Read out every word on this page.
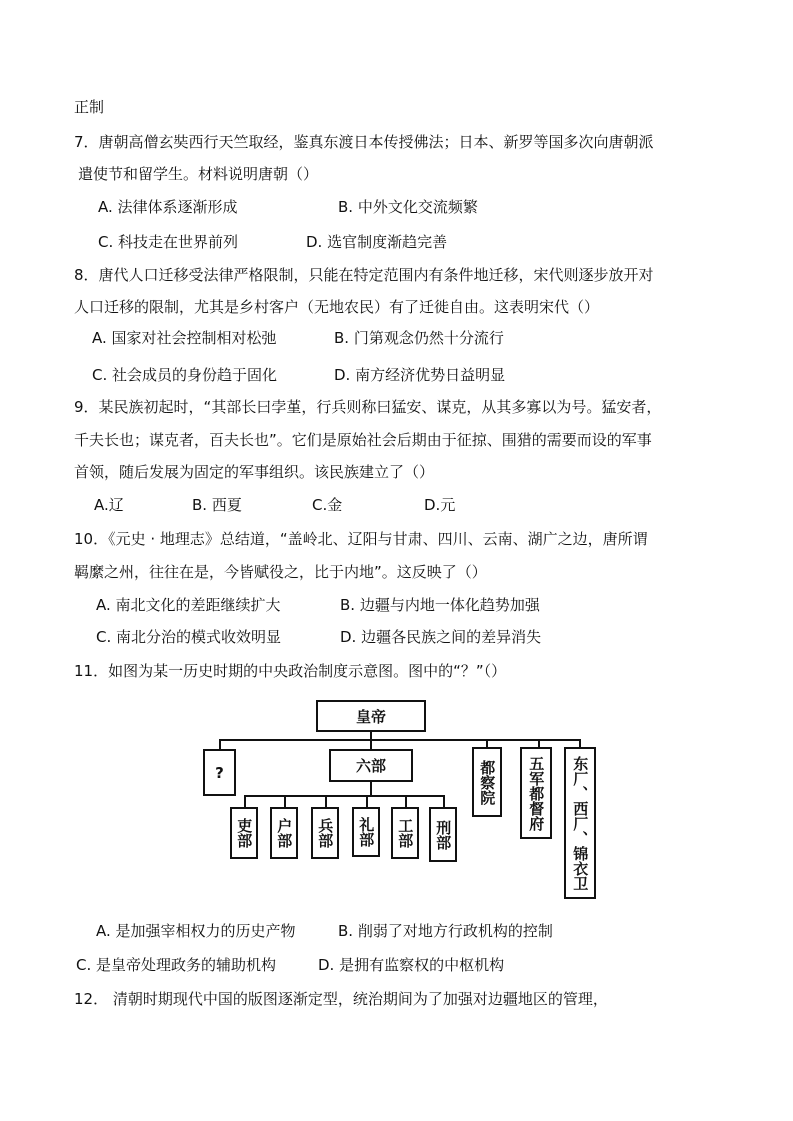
正制
7．唐朝高僧玄奘西行天竺取经，鉴真东渡日本传授佛法；日本、新罗等国多次向唐朝派
遣使节和留学生。材料说明唐朝（）
A. 法律体系逐渐形成	B. 中外文化交流频繁
C. 科技走在世界前列	D. 选官制度渐趋完善
8．唐代人口迁移受法律严格限制，只能在特定范围内有条件地迁移，宋代则逐步放开对
人口迁移的限制，尤其是乡村客户（无地农民）有了迁徙自由。这表明宋代（）
A. 国家对社会控制相对松弛	B. 门第观念仍然十分流行
C. 社会成员的身份趋于固化	D. 南方经济优势日益明显
9．某民族初起时，“其部长曰孛堇，行兵则称曰猛安、谋克，从其多寡以为号。猛安者，
千夫长也；谋克者，百夫长也”。它们是原始社会后期由于征掠、围猎的需要而设的军事
首领，随后发展为固定的军事组织。该民族建立了（）
A.辽	B. 西夏	C.金	D.元
10．《元史 · 地理志》总结道，“盖岭北、辽阳与甘肃、四川、云南、湖广之边，唐所谓
羁縻之州，往往在是，今皆赋役之，比于内地”。这反映了（）
A. 南北文化的差距继续扩大	B. 边疆与内地一体化趋势加强
C. 南北分治的模式收效明显	D. 边疆各民族之间的差异消失
11．如图为某一历史时期的中央政治制度示意图。图中的“？”（）
皇帝
?	六部	都察院 五军都督府 东厂、西厂、锦衣卫
吏部 户部 兵部 礼部 工部 刑部
A. 是加强宰相权力的历史产物	B. 削弱了对地方行政机构的控制
C. 是皇帝处理政务的辅助机构	D. 是拥有监察权的中枢机构
12． 清朝时期现代中国的版图逐渐定型，统治期间为了加强对边疆地区的管理，
